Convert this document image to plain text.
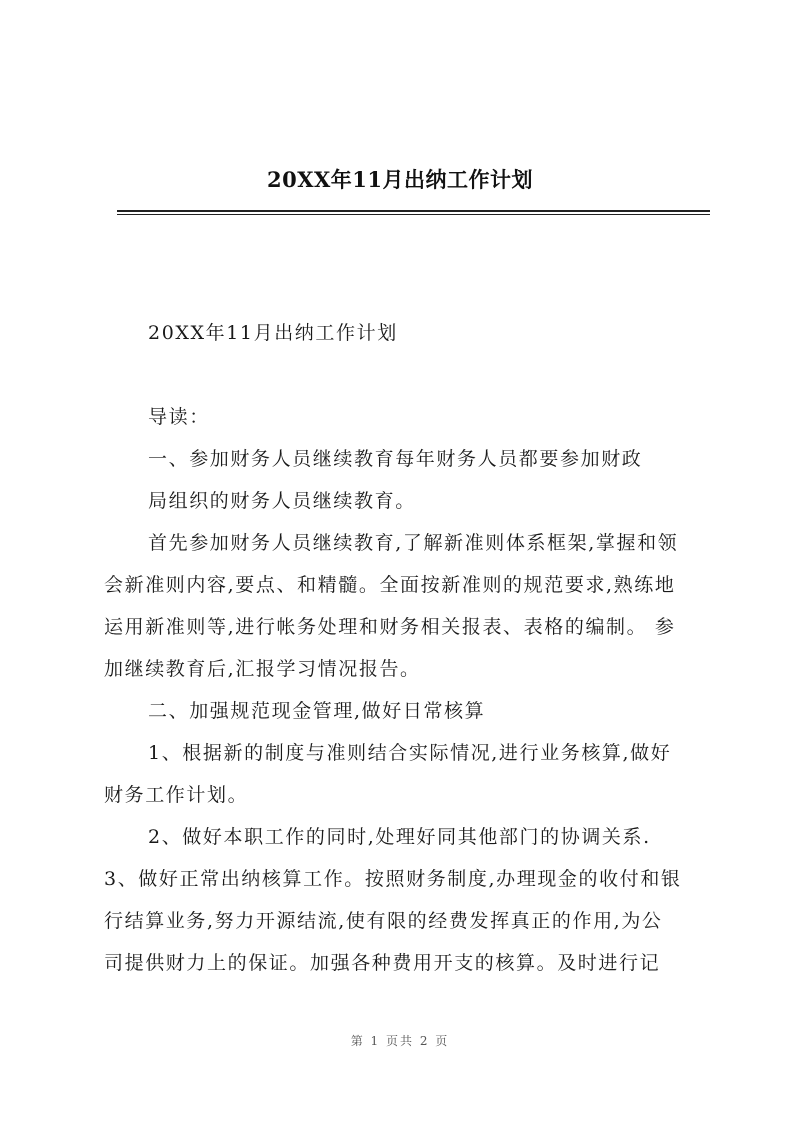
20XX年11月出纳工作计划
20XX年11月出纳工作计划
导读：
一、参加财务人员继续教育每年财务人员都要参加财政
局组织的财务人员继续教育。
首先参加财务人员继续教育,了解新准则体系框架,掌握和领
会新准则内容,要点、和精髓。全面按新准则的规范要求,熟练地
运用新准则等,进行帐务处理和财务相关报表、表格的编制。 参
加继续教育后,汇报学习情况报告。
二、加强规范现金管理,做好日常核算
1、根据新的制度与准则结合实际情况,进行业务核算,做好
财务工作计划。
2、做好本职工作的同时,处理好同其他部门的协调关系.
3、做好正常出纳核算工作。按照财务制度,办理现金的收付和银
行结算业务,努力开源结流,使有限的经费发挥真正的作用,为公
司提供财力上的保证。加强各种费用开支的核算。及时进行记
第 1 页共 2 页
